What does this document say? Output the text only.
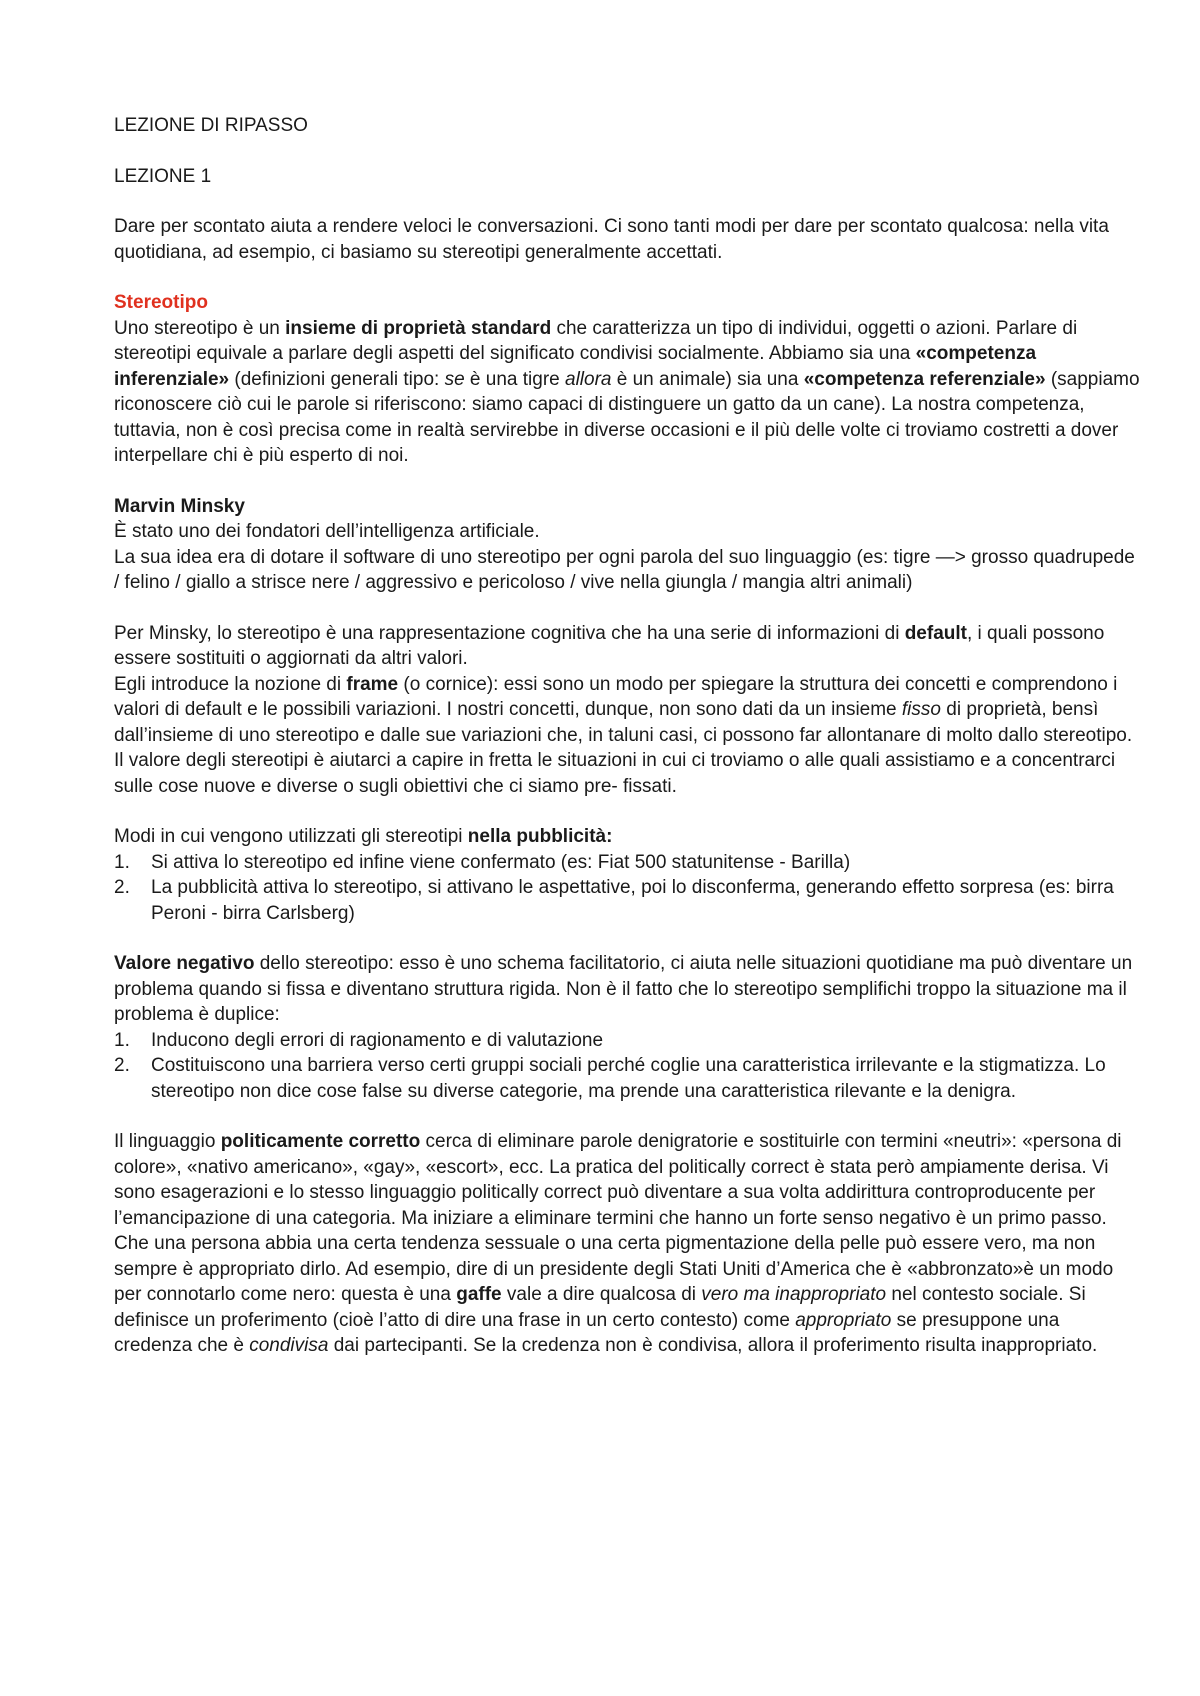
LEZIONE DI RIPASSO

LEZIONE 1

Dare per scontato aiuta a rendere veloci le conversazioni. Ci sono tanti modi per dare per scontato qualcosa: nella vita quotidiana, ad esempio, ci basiamo su stereotipi generalmente accettati.

Stereotipo

Uno stereotipo è un insieme di proprietà standard che caratterizza un tipo di individui, oggetti o azioni. Parlare di stereotipi equivale a parlare degli aspetti del significato condivisi socialmente. Abbiamo sia una «competenza inferenziale» (definizioni generali tipo: se è una tigre allora è un animale) sia una «competenza referenziale» (sappiamo riconoscere ciò cui le parole si riferiscono: siamo capaci di distinguere un gatto da un cane). La nostra competenza, tuttavia, non è così precisa come in realtà servirebbe in diverse occasioni e il più delle volte ci troviamo costretti a dover interpellare chi è più esperto di noi.

Marvin Minsky

È stato uno dei fondatori dell’intelligenza artificiale.

La sua idea era di dotare il software di uno stereotipo per ogni parola del suo linguaggio (es: tigre —> grosso quadrupede / felino / giallo a strisce nere / aggressivo e pericoloso / vive nella giungla / mangia altri animali)

Per Minsky, lo stereotipo è una rappresentazione cognitiva che ha una serie di informazioni di default, i quali possono essere sostituiti o aggiornati da altri valori.

Egli introduce la nozione di frame (o cornice): essi sono un modo per spiegare la struttura dei concetti e comprendono i valori di default e le possibili variazioni. I nostri concetti, dunque, non sono dati da un insieme fisso di proprietà, bensì dall’insieme di uno stereotipo e dalle sue variazioni che, in taluni casi, ci possono far allontanare di molto dallo stereotipo.

Il valore degli stereotipi è aiutarci a capire in fretta le situazioni in cui ci troviamo o alle quali assistiamo e a concentrarci sulle cose nuove e diverse o sugli obiettivi che ci siamo pre- fissati.

Modi in cui vengono utilizzati gli stereotipi nella pubblicità:

1. Si attiva lo stereotipo ed infine viene confermato (es: Fiat 500 statunitense - Barilla)
2. La pubblicità attiva lo stereotipo, si attivano le aspettative, poi lo disconferma, generando effetto sorpresa (es: birra Peroni - birra Carlsberg)

Valore negativo dello stereotipo: esso è uno schema facilitatorio, ci aiuta nelle situazioni quotidiane ma può diventare un problema quando si fissa e diventano struttura rigida. Non è il fatto che lo stereotipo semplifichi troppo la situazione ma il problema è duplice:

1. Inducono degli errori di ragionamento e di valutazione
2. Costituiscono una barriera verso certi gruppi sociali perché coglie una caratteristica irrilevante e la stigmatizza. Lo stereotipo non dice cose false su diverse categorie, ma prende una caratteristica rilevante e la denigra.

Il linguaggio politicamente corretto cerca di eliminare parole denigratorie e sostituirle con termini «neutri»: «persona di colore», «nativo americano», «gay», «escort», ecc. La pratica del politically correct è stata però ampiamente derisa. Vi sono esagerazioni e lo stesso linguaggio politically correct può diventare a sua volta addirittura controproducente per l’emancipazione di una categoria. Ma iniziare a eliminare termini che hanno un forte senso negativo è un primo passo. Che una persona abbia una certa tendenza sessuale o una certa pigmentazione della pelle può essere vero, ma non sempre è appropriato dirlo. Ad esempio, dire di un presidente degli Stati Uniti d’America che è «abbronzato»è un modo per connotarlo come nero: questa è una gaffe vale a dire qualcosa di vero ma inappropriato nel contesto sociale. Si definisce un proferimento (cioè l’atto di dire una frase in un certo contesto) come appropriato se presuppone una credenza che è condivisa dai partecipanti. Se la credenza non è condivisa, allora il proferimento risulta inappropriato.
